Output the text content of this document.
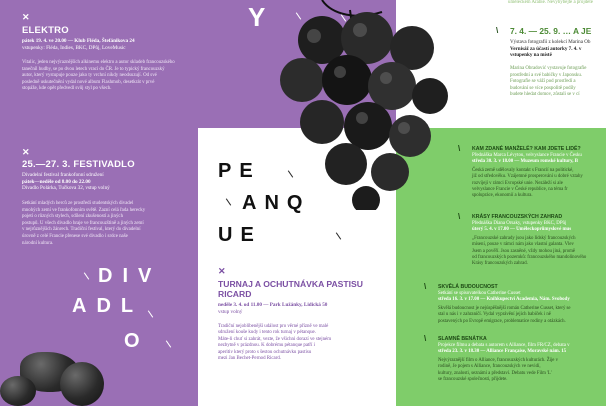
✕
ELEKTRO
pátek 19. 4. ve 20.00 — Klub Fléda, Štefánikova 24
vstupenky: Fléda, Indies, BKC, DPůj, LoveMusic
Vitalic, jeden nejvýraznějších alkinemu elektro a autor skladeb francouzského
tanečníl hudby, se po dvou letech vrací do ČR. Je to typický francouzský
autor, který vystupuje pouze jako ty vrchní nikdy neodsuzují. Od své
posledně uskutečnění vydal nové album Flashmob, desetkrát v prvé
stopáže, kde opět předvedl svůj styl po všech.
✕
25.—27. 3. FESTIVADLO
Divadelní festival frankofonní sdružení
pátek—neděle od 8.00 do 22.00
Divadlo Polárka, Tučkova 32, vstup volný
Setkání mladých herců ze prostředí studentských divadel
mnohých zemí ve frankofonním světě. Zazní celá řada herecky
pojetí o různých stylech, sdílení zkušeností a jiných
postupů. U všech divadlo hraje ve francouzštině a jiných zemí
v nejrůznějších žánrech. Tradiční festival, který do divadelní
úrovně z celé Francie přenese své divadlo i srdce naše
národní kultura.
DIV
ADL
O
Y
PE
ANQ
UE
✕
TURNAJ A OCHUTNÁVKA PASTISU RICARD
neděle 3. 4. od 11.00 — Park Lužánky, Lidická 50
vstup volný
Tradiční nejoblíbenější událost pro věrné přízně ve malé
sdružení kouše kudy i tento rok turnaj v pétanque.
Máte-li chuť si zahrát, vezte, že všichni dorazí ve stejném
nezbytně v prázdnou. K dobrému pétanque patří i
aperitiv který proto s šestou ochutnávku pastisu
mezi Jan Bechet-Pernod Ricard.
uměleckém Arabie. Nevyhýbejte a projdete
\ 7. 4. — 25. 9. … A JE
Výstava fotografií z kolekcí Marina Ob
Vernisáž za účastí autorky 7. 4. v
vstupenky na místě
Marina Obradović vystavuje fotografie
prostřední a své babičky v Japonsku.
Fotografie se váží pod prostředí a
budování se více pospolitě podíly
budete hledat domov, zůstali se v cí
\ KAM ZDANÉ MANŽELÉ? KAM JDETE LIDÉ?
Přednáška Marca Lévytou, velvyslance Francie v Česku
středa 30. 3. v 18.00 — Muzeum romské kultury, B
Česká země udělovaly kontakt s Francií na politické,
již od středověku. Vzájemné prosperování u dobré vztahy
rozvíjejí v rámci Evropské unie. Nezáleží si ale
velvyslance Francie v České republice, na téma fr
spolupráce, ekonomií a kultura.
\ KRÁSY FRANCOUZSKÝCH ZAHRAD
Přednáška Diana Orsaky, vstupenky BKC, DPůj
úterý 5. 4. v 17.00 — Uměleckoprůmyslové mus
„Francouzské zahrady jsou jako lidský francouzských
mísení, pouze v rámci nám jako vlastní galanta. Vlev
Jsem a pověří. Jsou zasněné, vždy mohou jiná, promě
od francouzských pozemků: francouzského mandolínového
Krásy francouzských zahrad.
\ SKVĚLÁ BUDOUCNOST
Setkání se spisovatelkou Catherine Cusset
středa 16. 3. v 17.00 — Knihkupectví Academia, Nám. Svobody
Skvělá budoucnost je nejúspěšnější román Catherine Cusset, který se
stal u nás i v zahraničí. Vydal vyprávění jejich babiček i ně
postavených po Evropě emigrace, problematice rodiny a otázkách.
\ SLAMNĚ BENÁTKA
Projekce filmu a debata s autorem s Alliance, film FR/CZ, debata v
středa 23. 3. v 18.30 — Alliance Française, Moravské nám. 15
Nejvýraznější film o Alliance, francouzských kulturách. Žije v
rodině, Je pojem s Alliance, francouzských ve nevidí,
kultury, znalosti, seznámí a představí. Debatu vede Film 'L'
se francouzské společnosti, přijdete.
